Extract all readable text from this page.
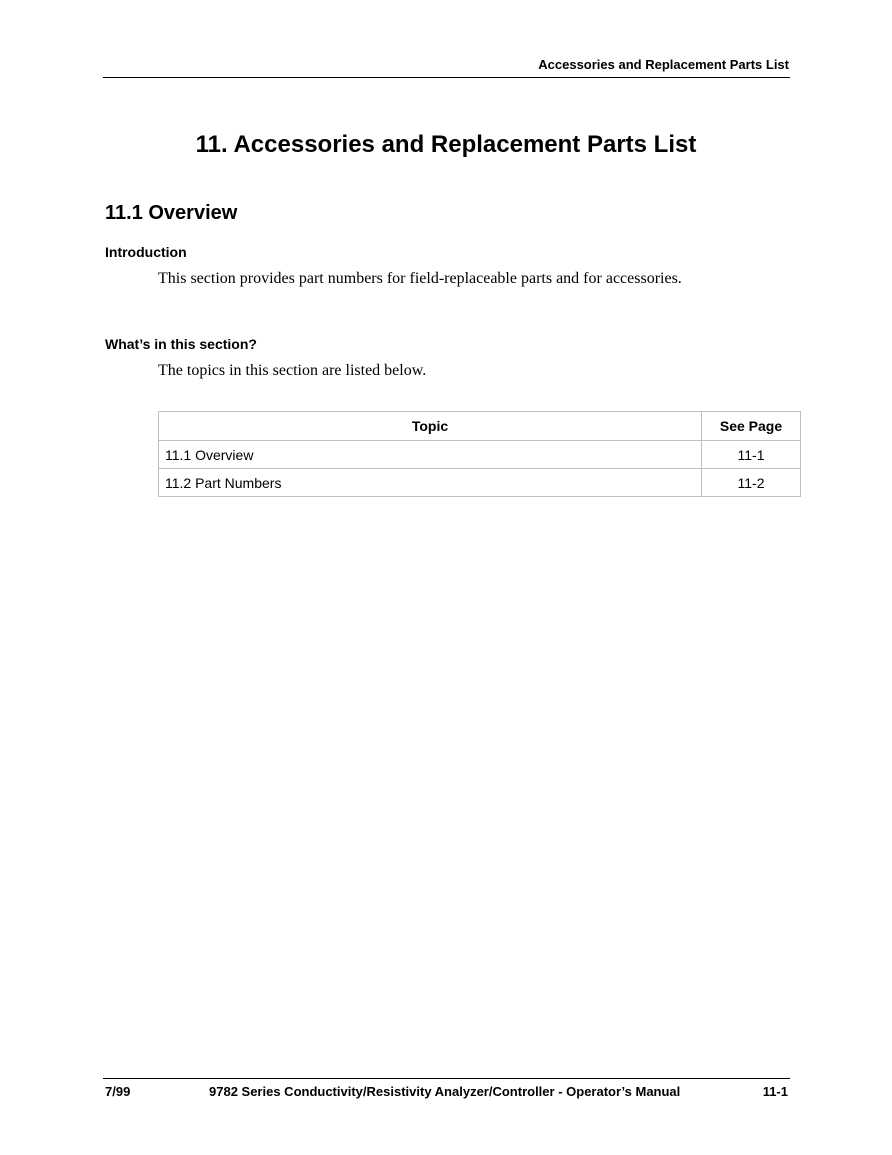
Accessories and Replacement Parts List
11. Accessories and Replacement Parts List
11.1 Overview
Introduction
This section provides part numbers for field-replaceable parts and for accessories.
What’s in this section?
The topics in this section are listed below.
Topic	See Page
11.1 Overview	11-1
11.2 Part Numbers	11-2
7/99	9782 Series Conductivity/Resistivity Analyzer/Controller - Operator’s Manual	11-1
